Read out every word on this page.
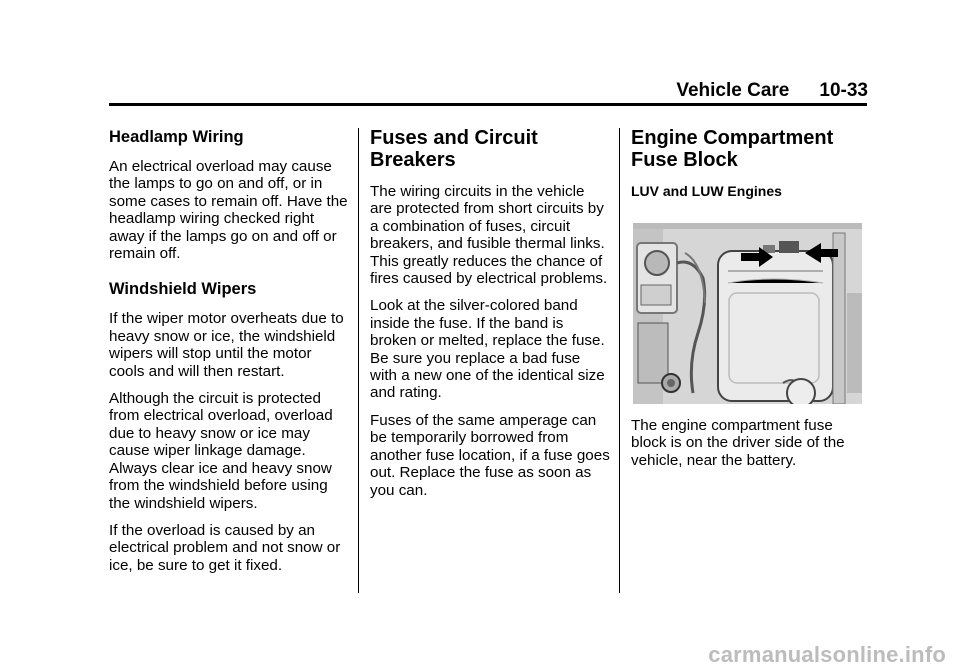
Vehicle Care 10-33
Headlamp Wiring

An electrical overload may cause the lamps to go on and off, or in some cases to remain off. Have the headlamp wiring checked right away if the lamps go on and off or remain off.

Windshield Wipers

If the wiper motor overheats due to heavy snow or ice, the windshield wipers will stop until the motor cools and will then restart.

Although the circuit is protected from electrical overload, overload due to heavy snow or ice may cause wiper linkage damage. Always clear ice and heavy snow from the windshield before using the windshield wipers.

If the overload is caused by an electrical problem and not snow or ice, be sure to get it fixed.

Fuses and Circuit
Breakers

The wiring circuits in the vehicle are protected from short circuits by a combination of fuses, circuit breakers, and fusible thermal links. This greatly reduces the chance of fires caused by electrical problems.

Look at the silver-colored band inside the fuse. If the band is broken or melted, replace the fuse. Be sure you replace a bad fuse with a new one of the identical size and rating.

Fuses of the same amperage can be temporarily borrowed from another fuse location, if a fuse goes out. Replace the fuse as soon as you can.

Engine Compartment
Fuse Block
LUV and LUW Engines

The engine compartment fuse block is on the driver side of the vehicle, near the battery.

carmanualsonline.info
